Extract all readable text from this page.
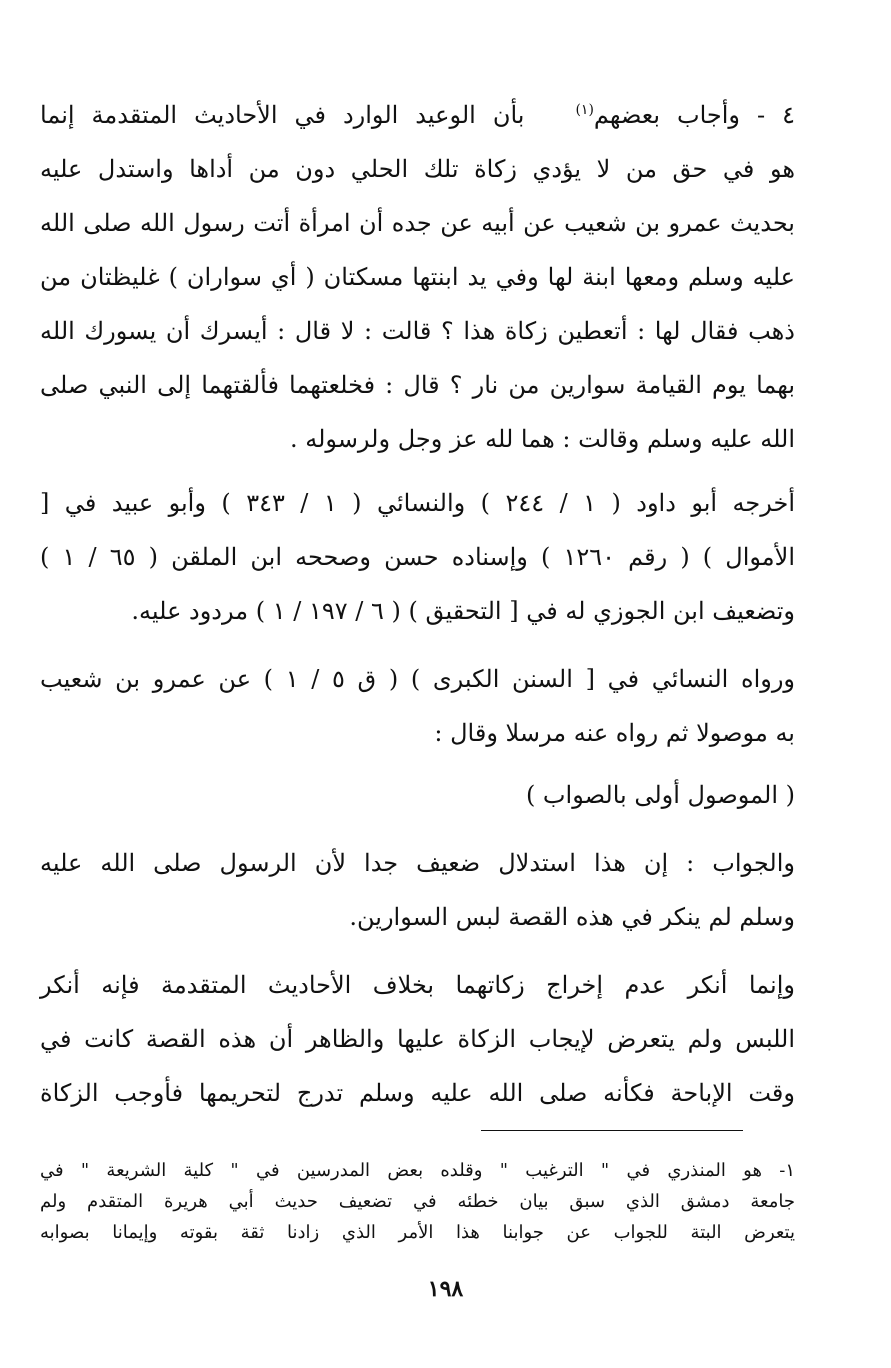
٤ - وأجاب بعضهم$^{(١)}$   بأن الوعيد الوارد في الأحاديث المتقدمة إنما
هو في حق من لا يؤدي زكاة تلك الحلي دون من أداها واستدل عليه
بحديث عمرو بن شعيب عن أبيه عن جده أن امرأة أتت رسول الله صلى الله
عليه وسلم ومعها ابنة لها وفي يد ابنتها مسكتان ( أي سواران ) غليظتان من
ذهب فقال لها : أتعطين زكاة هذا ؟ قالت : لا قال : أيسرك أن يسورك الله
بهما يوم القيامة سوارين من نار ؟ قال : فخلعتهما فألقتهما إلى النبي صلى
الله عليه وسلم وقالت : هما لله عز وجل ولرسوله .
أخرجه أبو داود ( ١ / ٢٤٤ ) والنسائي ( ١ / ٣٤٣ ) وأبو عبيد في [
الأموال ) ( رقم ١٢٦٠ ) وإسناده حسن وصححه ابن الملقن ( ٦٥ / ١ )
وتضعيف ابن الجوزي له في [ التحقيق ) ( ٦ / ١٩٧ / ١ ) مردود عليه.
ورواه النسائي في [ السنن الكبرى ) ( ق ٥ / ١ ) عن عمرو بن شعيب
به موصولا ثم رواه عنه مرسلا وقال :
( الموصول أولى بالصواب )
والجواب : إن هذا استدلال ضعيف جدا لأن الرسول صلى الله عليه
وسلم لم ينكر في هذه القصة لبس السوارين.
وإنما أنكر عدم إخراج زكاتهما بخلاف الأحاديث المتقدمة فإنه أنكر
اللبس ولم يتعرض لإيجاب الزكاة عليها والظاهر أن هذه القصة كانت في
وقت الإباحة فكأنه صلى الله عليه وسلم تدرج لتحريمها فأوجب الزكاة
١- هو المنذري في " الترغيب " وقلده بعض المدرسين في " كلية الشريعة " في
جامعة دمشق الذي سبق بيان خطئه في تضعيف حديث أبي هريرة المتقدم ولم
يتعرض البتة للجواب عن جوابنا هذا الأمر الذي زادنا ثقة بقوته وإيمانا بصوابه
١٩٨
